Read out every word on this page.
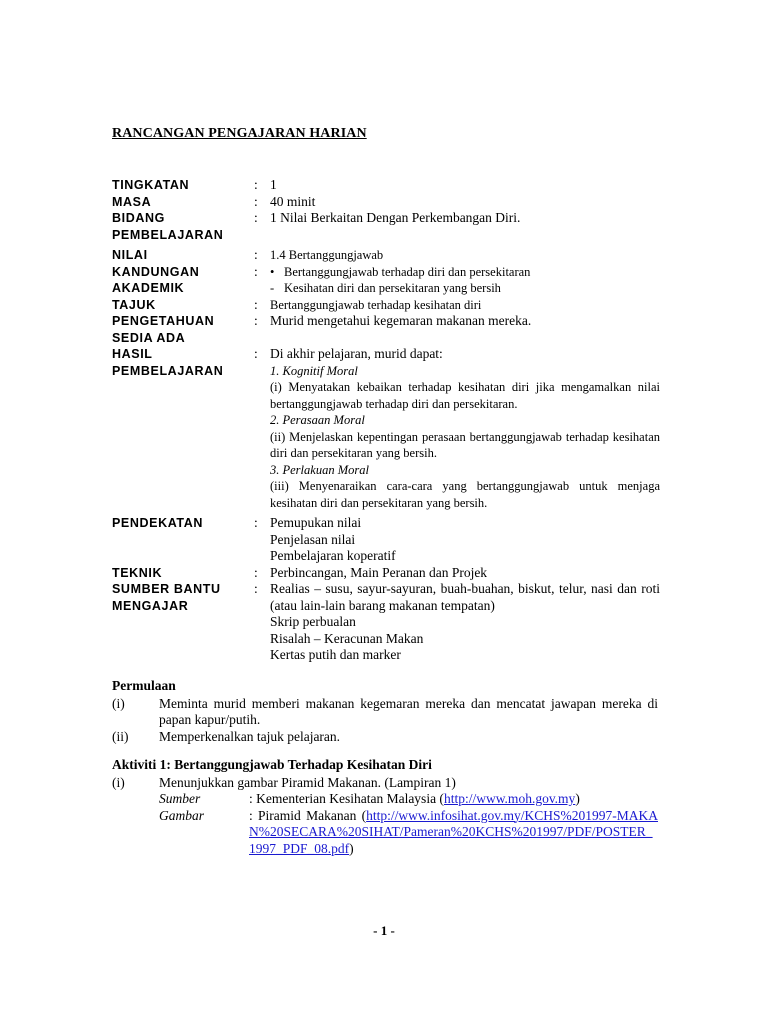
RANCANGAN PENGAJARAN HARIAN
TINGKATAN	: 1
MASA	: 40 minit
BIDANG
PEMBELAJARAN
: 1 Nilai Berkaitan Dengan Perkembangan Diri.
NILAI	: 1.4 Bertanggungjawab
KANDUNGAN
AKADEMIK
: • Bertanggungjawab terhadap diri dan persekitaran
- Kesihatan diri dan persekitaran yang bersih
TAJUK	: Bertanggungjawab terhadap kesihatan diri
PENGETAHUAN
SEDIA ADA
: Murid mengetahui kegemaran makanan mereka.
HASIL
PEMBELAJARAN
: Di akhir pelajaran, murid dapat:

1. Kognitif Moral

(i) Menyatakan kebaikan terhadap kesihatan diri jika mengamalkan nilai bertanggungjawab terhadap diri dan persekitaran.

2. Perasaan Moral

(ii) Menjelaskan kepentingan perasaan bertanggungjawab terhadap kesihatan diri dan persekitaran yang bersih.

3. Perlakuan Moral

(iii) Menyenaraikan cara-cara yang bertanggungjawab untuk menjaga kesihatan diri dan persekitaran yang bersih.

PENDEKATAN	: Pemupukan nilai

Penjelasan nilai

Pembelajaran koperatif

TEKNIK	: Perbincangan, Main Peranan dan Projek
SUMBER BANTU
MENGAJAR
: Realias – susu, sayur-sayuran, buah-buahan, biskut, telur, nasi dan roti (atau lain-lain barang makanan tempatan)

Skrip perbualan

Risalah – Keracunan Makan

Kertas putih dan marker

Permulaan

(i)	Meminta murid memberi makanan kegemaran mereka dan mencatat jawapan mereka di papan kapur/putih.
(ii)	Memperkenalkan tajuk pelajaran.

Aktiviti 1: Bertanggungjawab Terhadap Kesihatan Diri

(i)	Menunjukkan gambar Piramid Makanan. (Lampiran 1)
Sumber	: Kementerian Kesihatan Malaysia (http://www.moh.gov.my)
Gambar	: Piramid Makanan (http://www.infosihat.gov.my/KCHS%201997-MAKAN%20SECARA%20SIHAT/Pameran%20KCHS%201997/PDF/POSTER_1997_PDF_08.pdf)
- 1 -
